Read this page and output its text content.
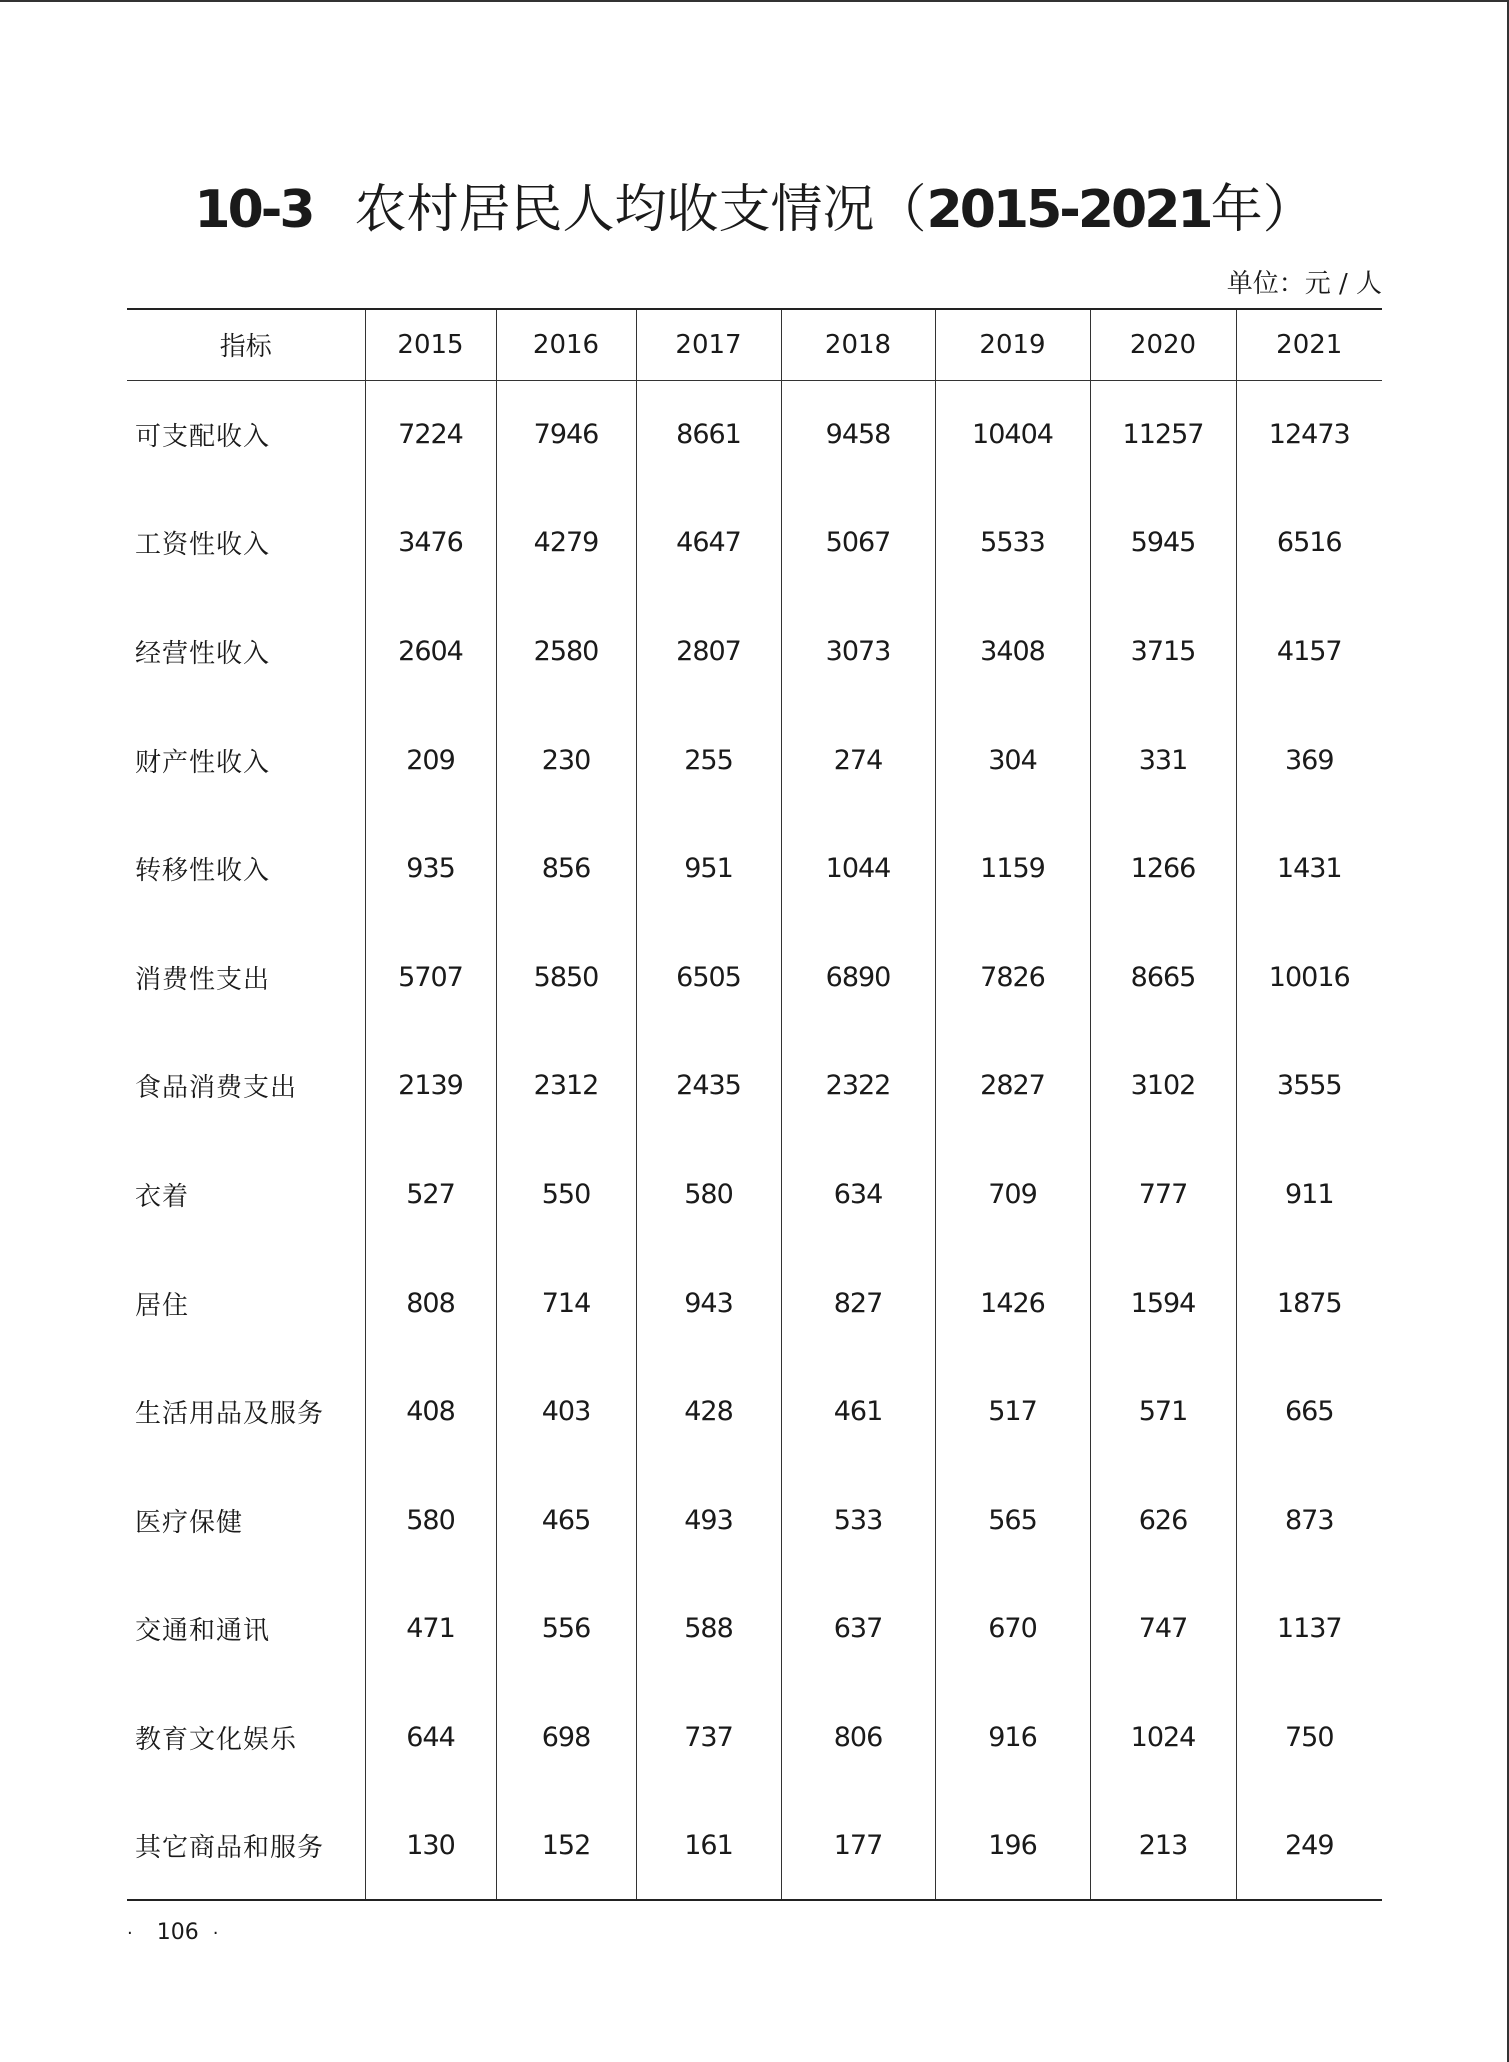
10-3 农村居民人均收支情况（2015-2021年）
单位：元 / 人
指标	2015	2016	2017	2018	2019	2020	2021
可支配收入	7224	7946	8661	9458	10404	11257	12473
工资性收入	3476	4279	4647	5067	5533	5945	6516
经营性收入	2604	2580	2807	3073	3408	3715	4157
财产性收入	209	230	255	274	304	331	369
转移性收入	935	856	951	1044	1159	1266	1431
消费性支出	5707	5850	6505	6890	7826	8665	10016
食品消费支出	2139	2312	2435	2322	2827	3102	3555
衣着	527	550	580	634	709	777	911
居住	808	714	943	827	1426	1594	1875
生活用品及服务	408	403	428	461	517	571	665
医疗保健	580	465	493	533	565	626	873
交通和通讯	471	556	588	637	670	747	1137
教育文化娱乐	644	698	737	806	916	1024	750
其它商品和服务	130	152	161	177	196	213	249
· 106 ·
